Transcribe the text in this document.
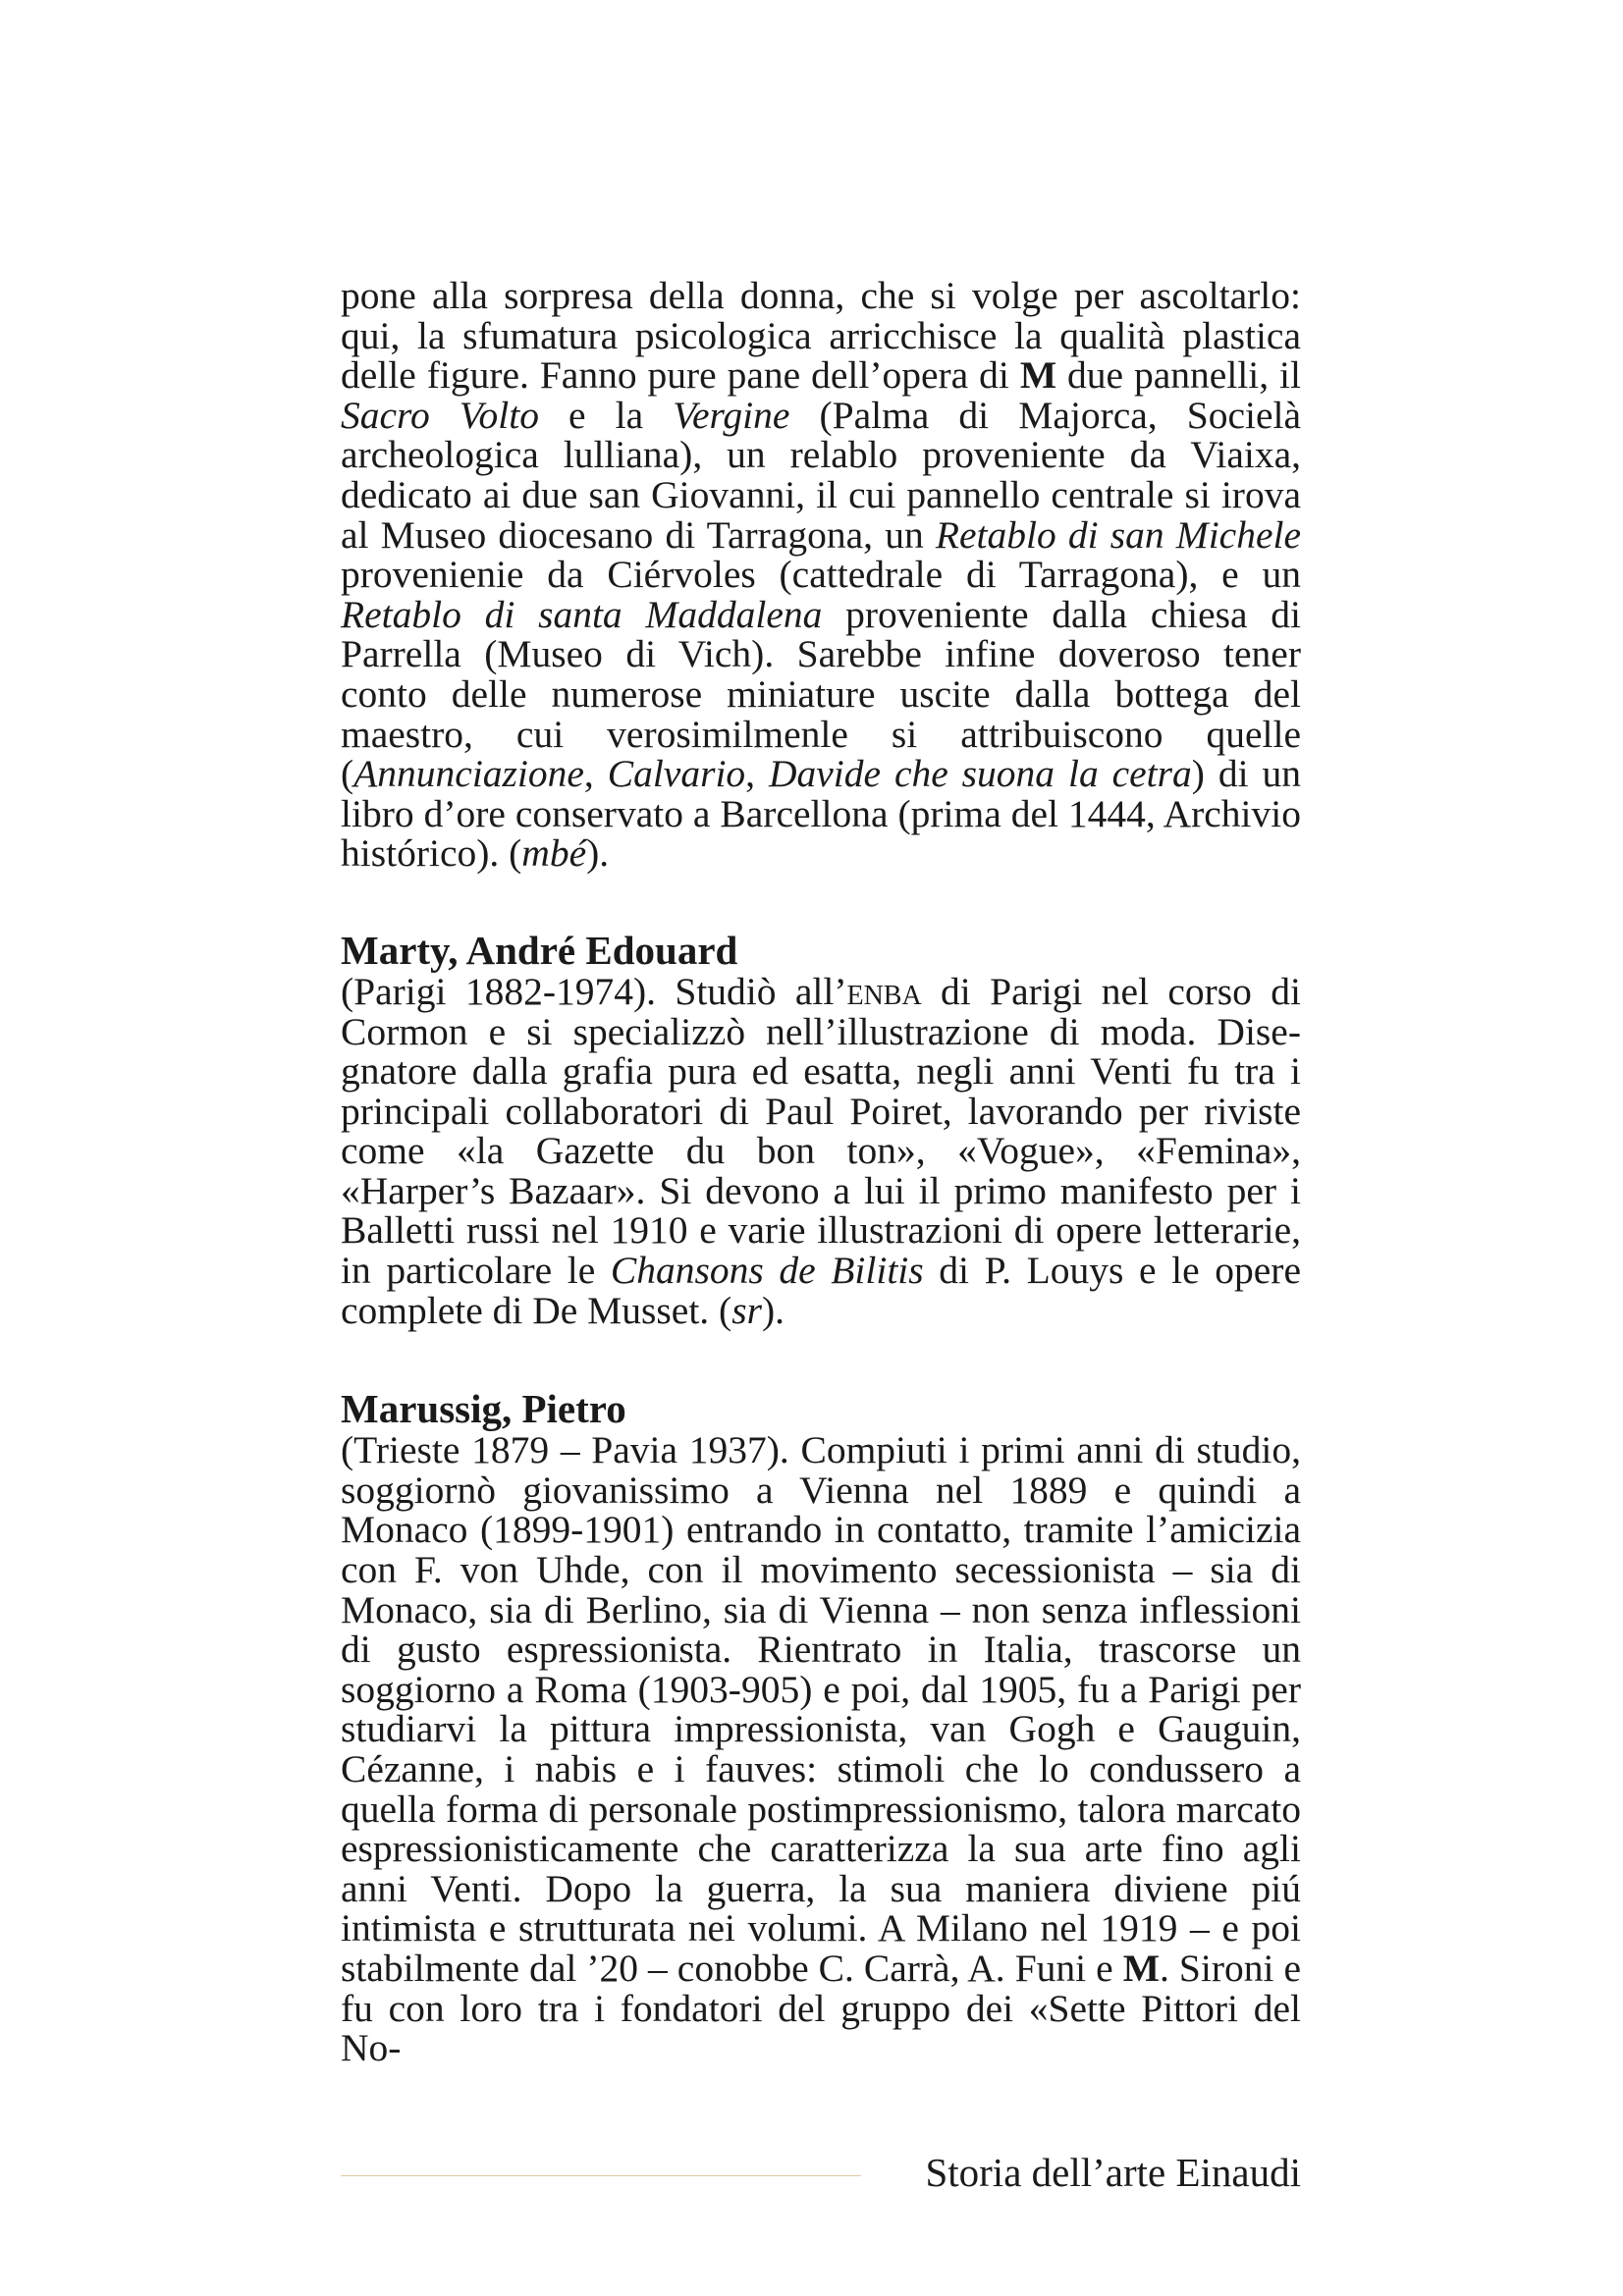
pone alla sorpresa della donna, che si volge per ascoltarlo: qui, la sfumatura psicologica arricchisce la qualità plastica delle figure. Fanno pure pane dell’opera di M due pannelli, il Sacro Volto e la Vergine (Palma di Majorca, Socielà archeologica lulliana), un relablo proveniente da Viaixa, dedicato ai due san Giovanni, il cui pannello centrale si irova al Museo diocesano di Tarragona, un Retablo di san Michele provenienie da Ciérvoles (cattedrale di Tarragona), e un Retablo di santa Maddalena proveniente dalla chiesa di Parrella (Museo di Vich). Sarebbe infine doveroso tener conto delle numerose miniature uscite dalla bottega del maestro, cui verosimilmenle si attribuiscono quelle (Annunciazione, Calvario, Davide che suona la cetra) di un libro d’ore conservato a Barcellona (prima del 1444, Archivio histórico). (mbé).

Marty, André Edouard

(Parigi 1882-1974). Studiò all’enba di Parigi nel corso di Cormon e si specializzò nell’illustrazione di moda. Disegnatore dalla grafia pura ed esatta, negli anni Venti fu tra i principali collaboratori di Paul Poiret, lavorando per riviste come «la Gazette du bon ton», «Vogue», «Femina», «Harper’s Bazaar». Si devono a lui il primo manifesto per i Balletti russi nel 1910 e varie illustrazioni di opere letterarie, in particolare le Chansons de Bilitis di P. Louys e le opere complete di De Musset. (sr).

Marussig, Pietro

(Trieste 1879 – Pavia 1937). Compiuti i primi anni di studio, soggiornò giovanissimo a Vienna nel 1889 e quindi a Monaco (1899-1901) entrando in contatto, tramite l’amicizia con F. von Uhde, con il movimento secessionista – sia di Monaco, sia di Berlino, sia di Vienna – non senza inflessioni di gusto espressionista. Rientrato in Italia, trascorse un soggiorno a Roma (1903-905) e poi, dal 1905, fu a Parigi per studiarvi la pittura impressionista, van Gogh e Gauguin, Cézanne, i nabis e i fauves: stimoli che lo condussero a quella forma di personale postimpressionismo, talora marcato espressionisticamente che caratterizza la sua arte fino agli anni Venti. Dopo la guerra, la sua maniera diviene piú intimista e strutturata nei volumi. A Milano nel 1919 – e poi stabilmente dal ’20 – conobbe C. Carrà, A. Funi e M. Sironi e fu con loro tra i fondatori del gruppo dei «Sette Pittori del No-

Storia dell’arte Einaudi
